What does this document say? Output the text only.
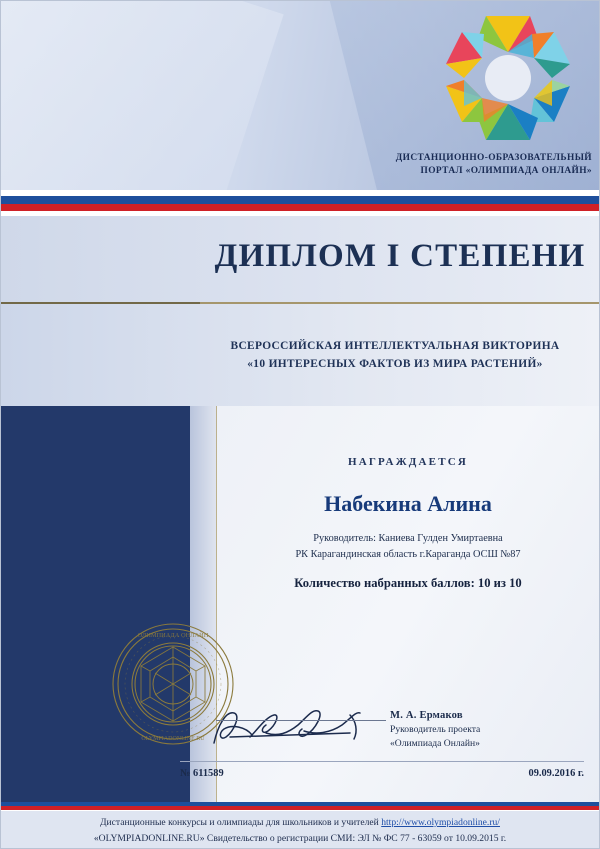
ДИСТАНЦИОННО-ОБРАЗОВАТЕЛЬНЫЙ
ПОРТАЛ «ОЛИМПИАДА ОНЛАЙН»
ДИПЛОМ I СТЕПЕНИ
ВСЕРОССИЙСКАЯ ИНТЕЛЛЕКТУАЛЬНАЯ ВИКТОРИНА
«10 ИНТЕРЕСНЫХ ФАКТОВ ИЗ МИРА РАСТЕНИЙ»
НАГРАЖДАЕТСЯ
Набекина Алина
Руководитель: Каниева Гулден Умиртаевна
РК Карагандинская область г.Караганда ОСШ №87
Количество набранных баллов: 10 из 10
ОЛИМПИАДА ОНЛАЙН
OLYMPIADONLINE.RU
М. А. Ермаков
Руководитель проекта
«Олимпиада Онлайн»
№ 611589	09.09.2016 г.
Дистанционные конкурсы и олимпиады для школьников и учителей http://www.olympiadonline.ru/
«OLYMPIADONLINE.RU» Свидетельство о регистрации СМИ: ЭЛ № ФС 77 - 63059 от 10.09.2015 г.
